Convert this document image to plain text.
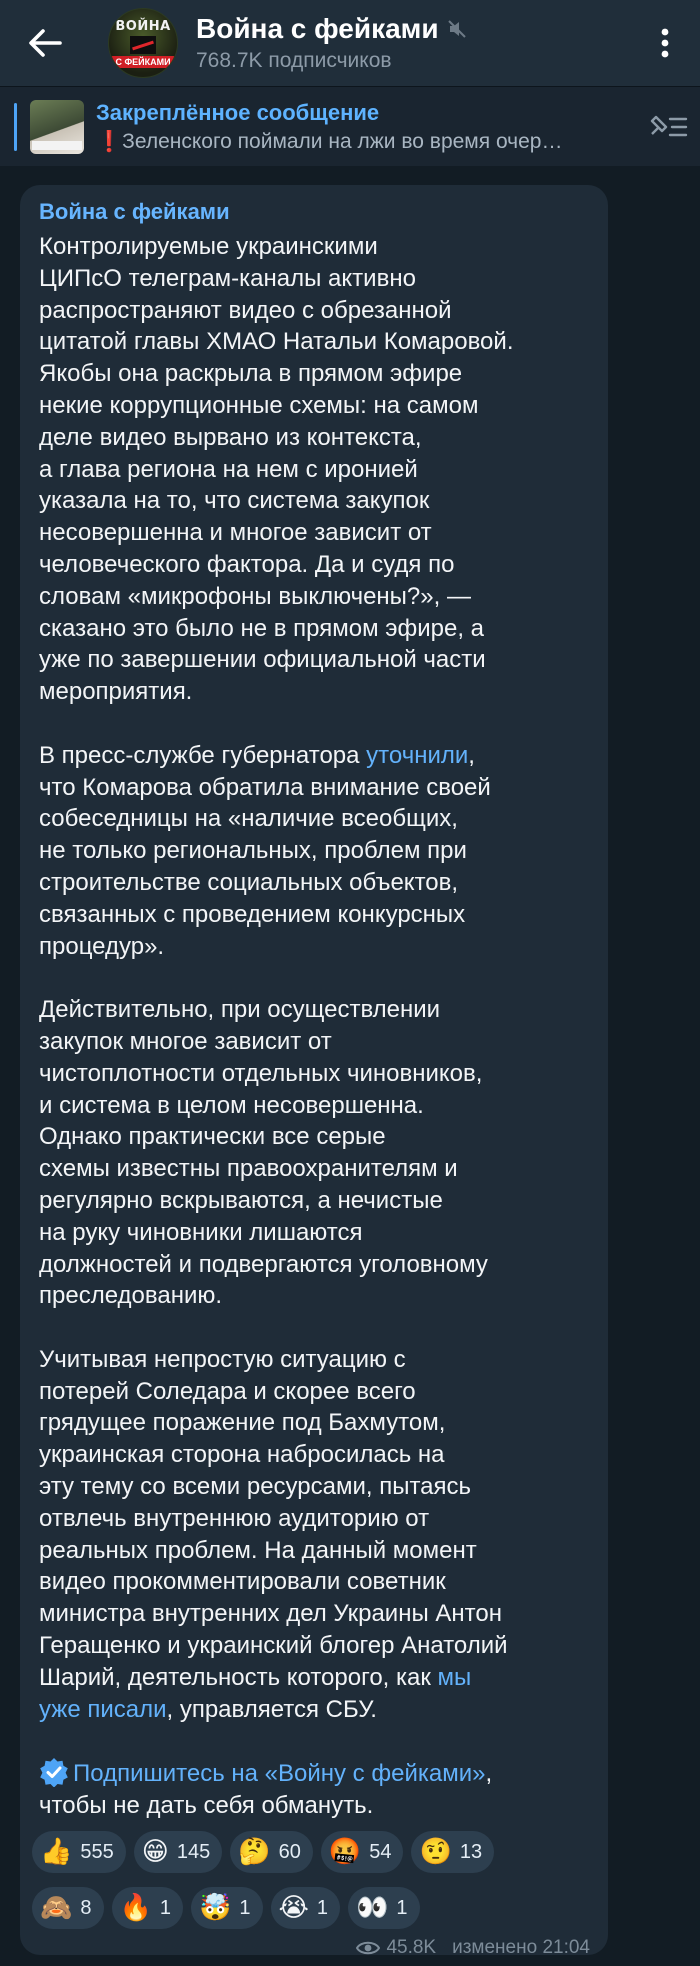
ВОЙНА
С ФЕЙКАМИ
Война с фейками
768.7K подписчиков
Закреплённое сообщение
❗️Зеленского поймали на лжи во время очер…
Война с фейками

Контролируемые украинскими
ЦИПсО телеграм-каналы активно
распространяют видео с обрезанной
цитатой главы ХМАО Натальи Комаровой.
Якобы она раскрыла в прямом эфире
некие коррупционные схемы: на самом
деле видео вырвано из контекста,
а глава региона на нем с иронией
указала на то, что система закупок
несовершенна и многое зависит от
человеческого фактора. Да и судя по
словам «микрофоны выключены?», —
сказано это было не в прямом эфире, а
уже по завершении официальной части
мероприятия.

В пресс-службе губернатора уточнили,
что Комарова обратила внимание своей
собеседницы на «наличие всеобщих,
не только региональных, проблем при
строительстве социальных объектов,
связанных с проведением конкурсных
процедур».

Действительно, при осуществлении
закупок многое зависит от
чистоплотности отдельных чиновников,
и система в целом несовершенна.
Однако практически все серые
схемы известны правоохранителям и
регулярно вскрываются, а нечистые
на руку чиновники лишаются
должностей и подвергаются уголовному
преследованию.

Учитывая непростую ситуацию с
потерей Соледара и скорее всего
грядущее поражение под Бахмутом,
украинская сторона набросилась на
эту тему со всеми ресурсами, пытаясь
отвлечь внутреннюю аудиторию от
реальных проблем. На данный момент
видео прокомментировали советник
министра внутренних дел Украины Антон
Геращенко и украинский блогер Анатолий
Шарий, деятельность которого, как мы
уже писали, управляется СБУ.

Подпишитесь на «Войну с фейками»,
чтобы не дать себя обмануть.

👍 555 😁 145 🤔 60 🤬 54 🤨 13
🙈 8 🔥 1 🤯 1 😭 1 👀 1
45.8K изменено 21:04
